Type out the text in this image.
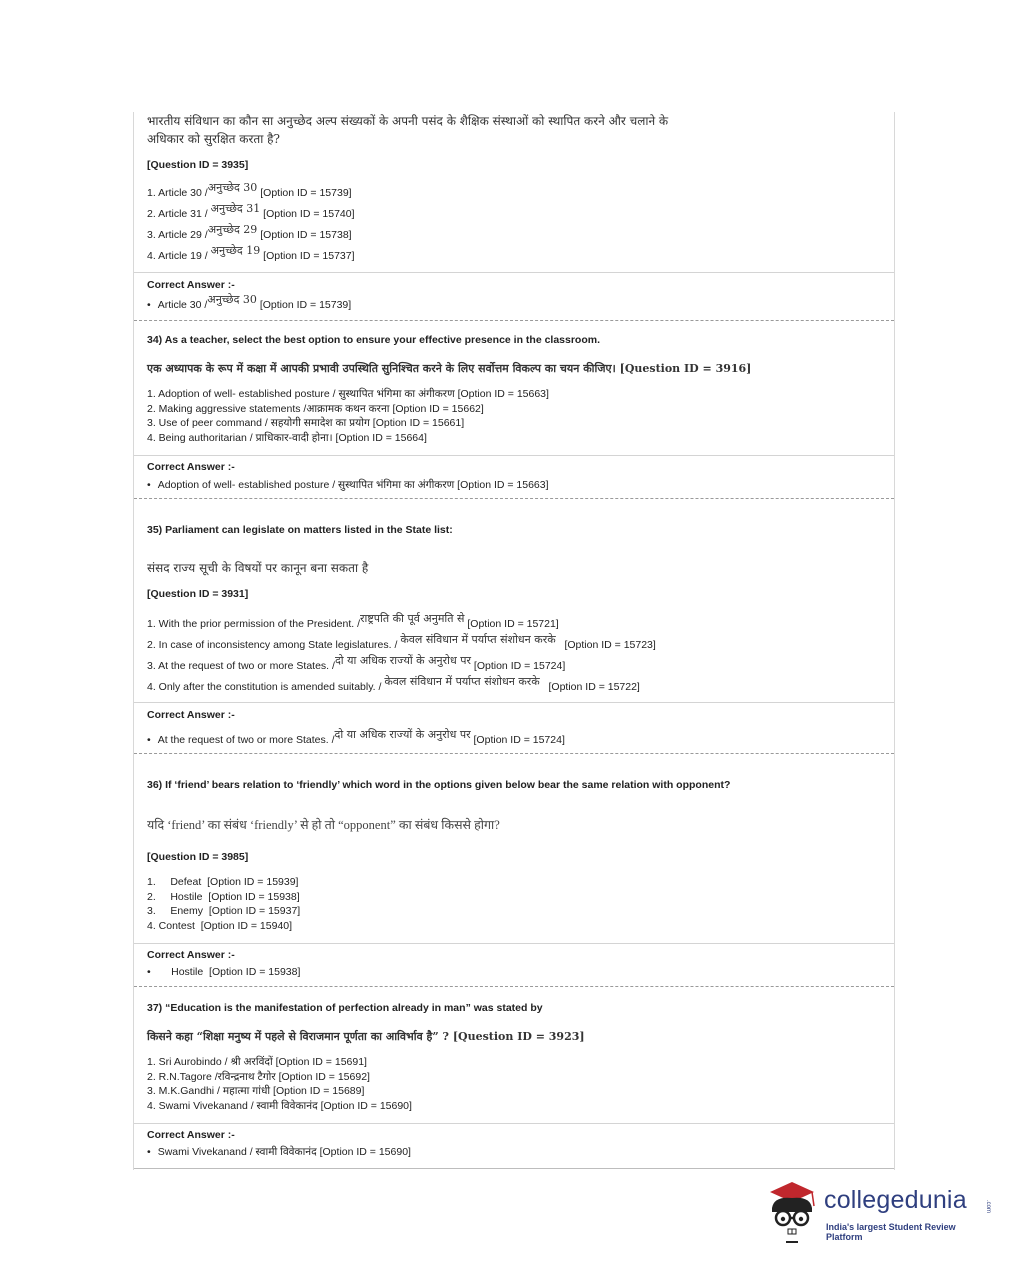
भारतीय संविधान का कौन सा अनुच्छेद अल्प संख्यकों के अपनी पसंद के शैक्षिक संस्थाओं को स्थापित करने और चलाने के
अधिकार को सुरक्षित करता है?
[Question ID = 3935]
1. Article 30 /अनुच्छेद 30 [Option ID = 15739]
2. Article 31 / अनुच्छेद 31 [Option ID = 15740]
3. Article 29 /अनुच्छेद 29 [Option ID = 15738]
4. Article 19 / अनुच्छेद 19 [Option ID = 15737]
Correct Answer :-
• Article 30 /अनुच्छेद 30 [Option ID = 15739]
34) As a teacher, select the best option to ensure your effective presence in the classroom.
एक अध्यापक के रूप में कक्षा में आपकी प्रभावी उपस्थिति सुनिश्चित करने के लिए सर्वोत्तम विकल्प का चयन कीजिए। [Question ID = 3916]
1. Adoption of well- established posture / सुस्थापित भंगिमा का अंगीकरण [Option ID = 15663]
2. Making aggressive statements /आक्रामक कथन करना [Option ID = 15662]
3. Use of peer command / सहयोगी समादेश का प्रयोग [Option ID = 15661]
4. Being authoritarian / प्राधिकार-वादी होना। [Option ID = 15664]
Correct Answer :-
• Adoption of well- established posture / सुस्थापित भंगिमा का अंगीकरण [Option ID = 15663]
35) Parliament can legislate on matters listed in the State list:
संसद राज्य सूची के विषयों पर कानून बना सकता है
[Question ID = 3931]
1. With the prior permission of the President. /राष्ट्रपति की पूर्व अनुमति से [Option ID = 15721]
2. In case of inconsistency among State legislatures. / केवल संविधान में पर्याप्त संशोधन करके [Option ID = 15723]
3. At the request of two or more States. /दो या अधिक राज्यों के अनुरोध पर [Option ID = 15724]
4. Only after the constitution is amended suitably. / केवल संविधान में पर्याप्त संशोधन करके [Option ID = 15722]
Correct Answer :-
• At the request of two or more States. /दो या अधिक राज्यों के अनुरोध पर [Option ID = 15724]
36) If ‘friend’ bears relation to ‘friendly’ which word in the options given below bear the same relation with opponent?
यदि ‘friend’ का संबंध ‘friendly’ से हो तो “opponent” का संबंध किससे होगा?
[Question ID = 3985]
1.     Defeat  [Option ID = 15939]
2.     Hostile  [Option ID = 15938]
3.     Enemy  [Option ID = 15937]
4. Contest  [Option ID = 15940]
Correct Answer :-
•       Hostile  [Option ID = 15938]
37) “Education is the manifestation of perfection already in man” was stated by
किसने कहा “शिक्षा मनुष्य में पहले से विराजमान पूर्णता का आविर्भाव है” ? [Question ID = 3923]
1. Sri Aurobindo / श्री अरविंदों [Option ID = 15691]
2. R.N.Tagore /रविन्द्रनाथ टैगोर [Option ID = 15692]
3. M.K.Gandhi / महात्मा गांधी [Option ID = 15689]
4. Swami Vivekanand / स्वामी विवेकानंद [Option ID = 15690]
Correct Answer :-
• Swami Vivekanand / स्वामी विवेकानंद [Option ID = 15690]
collegedunia	.com
India's largest Student Review Platform
